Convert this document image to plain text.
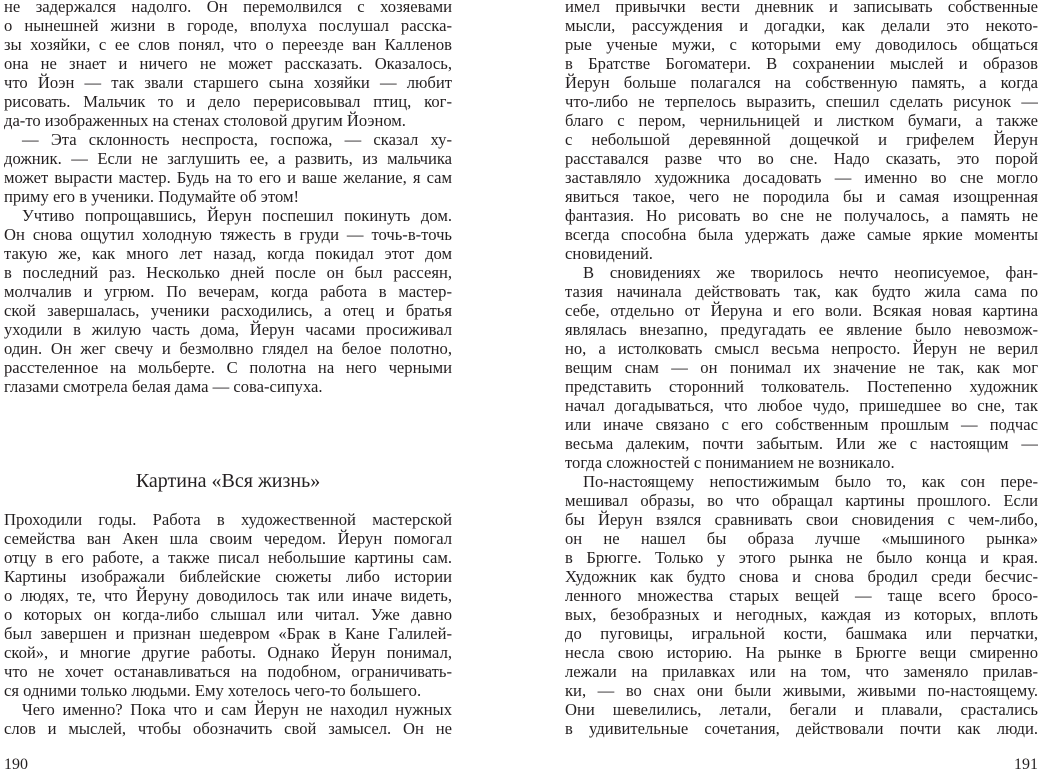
не задержался надолго. Он перемолвился с хозяевами
о нынешней жизни в городе, вполуха послушал расска-
зы хозяйки, с ее слов понял, что о переезде ван Калленов
она не знает и ничего не может рассказать. Оказалось,
что Йоэн — так звали старшего сына хозяйки — любит
рисовать. Мальчик то и дело перерисовывал птиц, ког-
да-то изображенных на стенах столовой другим Йоэном.
— Эта склонность неспроста, госпожа, — сказал ху-
дожник. — Если не заглушить ее, а развить, из мальчика
может вырасти мастер. Будь на то его и ваше желание, я сам
приму его в ученики. Подумайте об этом!
Учтиво попрощавшись, Йерун поспешил покинуть дом.
Он снова ощутил холодную тяжесть в груди — точь-в-точь
такую же, как много лет назад, когда покидал этот дом
в последний раз. Несколько дней после он был рассеян,
молчалив и угрюм. По вечерам, когда работа в мастер-
ской завершалась, ученики расходились, а отец и братья
уходили в жилую часть дома, Йерун часами просиживал
один. Он жег свечу и безмолвно глядел на белое полотно,
расстеленное на мольберте. С полотна на него черными
глазами смотрела белая дама — сова-сипуха.
Картина «Вся жизнь»
Проходили годы. Работа в художественной мастерской
семейства ван Акен шла своим чередом. Йерун помогал
отцу в его работе, а также писал небольшие картины сам.
Картины изображали библейские сюжеты либо истории
о людях, те, что Йеруну доводилось так или иначе видеть,
о которых он когда-либо слышал или читал. Уже давно
был завершен и признан шедевром «Брак в Кане Галилей-
ской», и многие другие работы. Однако Йерун понимал,
что не хочет останавливаться на подобном, ограничивать-
ся одними только людьми. Ему хотелось чего-то большего.
Чего именно? Пока что и сам Йерун не находил нужных
слов и мыслей, чтобы обозначить свой замысел. Он не
190
имел привычки вести дневник и записывать собственные
мысли, рассуждения и догадки, как делали это некото-
рые ученые мужи, с которыми ему доводилось общаться
в Братстве Богоматери. В сохранении мыслей и образов
Йерун больше полагался на собственную память, а когда
что-либо не терпелось выразить, спешил сделать рисунок —
благо с пером, чернильницей и листком бумаги, а также
с небольшой деревянной дощечкой и грифелем Йерун
расставался разве что во сне. Надо сказать, это порой
заставляло художника досадовать — именно во сне могло
явиться такое, чего не породила бы и самая изощренная
фантазия. Но рисовать во сне не получалось, а память не
всегда способна была удержать даже самые яркие моменты
сновидений.
В сновидениях же творилось нечто неописуемое, фан-
тазия начинала действовать так, как будто жила сама по
себе, отдельно от Йеруна и его воли. Всякая новая картина
являлась внезапно, предугадать ее явление было невозмож-
но, а истолковать смысл весьма непросто. Йерун не верил
вещим снам — он понимал их значение не так, как мог
представить сторонний толкователь. Постепенно художник
начал догадываться, что любое чудо, пришедшее во сне, так
или иначе связано с его собственным прошлым — подчас
весьма далеким, почти забытым. Или же с настоящим —
тогда сложностей с пониманием не возникало.
По-настоящему непостижимым было то, как сон пере-
мешивал образы, во что обращал картины прошлого. Если
бы Йерун взялся сравнивать свои сновидения с чем-либо,
он не нашел бы образа лучше «мышиного рынка»
в Брюгге. Только у этого рынка не было конца и края.
Художник как будто снова и снова бродил среди бесчис-
ленного множества старых вещей — таще всего брoсо-
вых, безобразных и негодных, каждая из которых, вплоть
до пуговицы, игральной кости, башмака или перчатки,
несла свою историю. На рынке в Брюгге вещи смиренно
лежали на прилавках или на том, что заменяло прилав-
ки, — во снах они были живыми, живыми по-настоящему.
Они шевелились, летали, бегали и плавали, срастались
в удивительные сочетания, действовали почти как люди.
191
